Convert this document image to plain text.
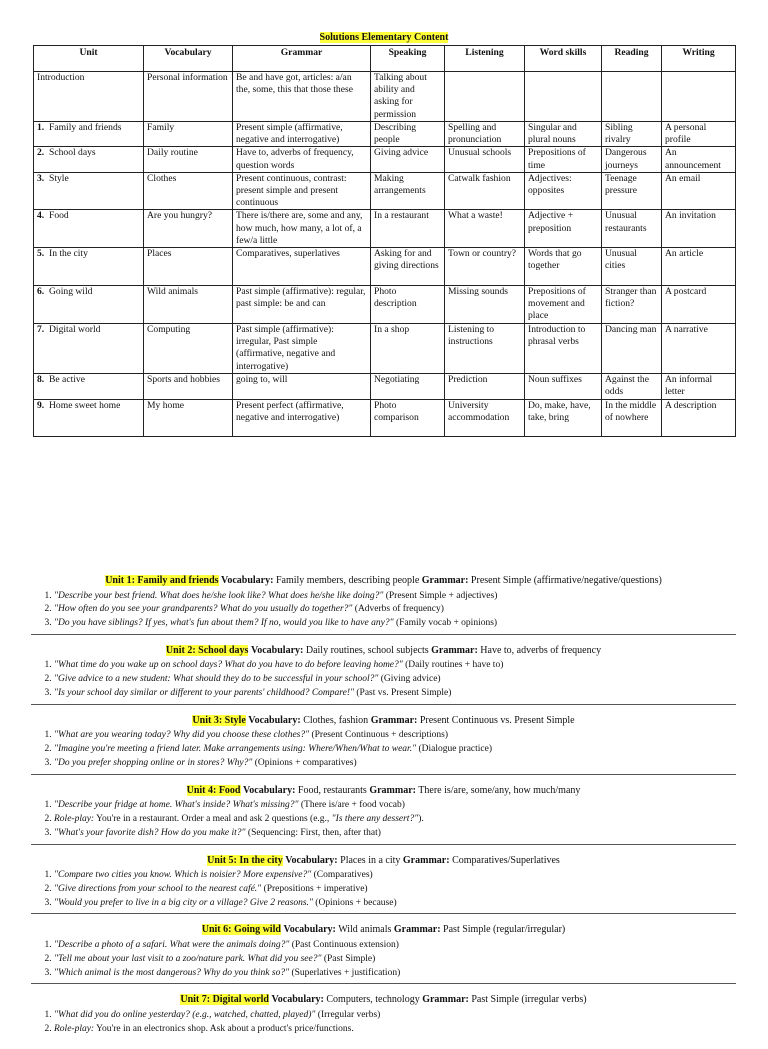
Solutions Elementary Content
Unit	Vocabulary	Grammar	Speaking	Listening	Word skills	Reading	Writing
Introduction	Personal information	Be and have got, articles: a/an the, some, this that those these	Talking about ability and asking for permission				
1. Family and friends	Family	Present simple (affirmative, negative and interrogative)	Describing people	Spelling and pronunciation	Singular and plural nouns	Sibling rivalry	A personal profile
2. School days	Daily routine	Have to, adverbs of frequency, question words	Giving advice	Unusual schools	Prepositions of time	Dangerous journeys	An announcement
3. Style	Clothes	Present continuous, contrast: present simple and present continuous	Making arrangements	Catwalk fashion	Adjectives: opposites	Teenage pressure	An email
4. Food	Are you hungry?	There is/there are, some and any, how much, how many, a lot of, a few/a little	In a restaurant	What a waste!	Adjective + preposition	Unusual restaurants	An invitation
5. In the city	Places	Comparatives, superlatives	Asking for and giving directions	Town or country?	Words that go together	Unusual cities	An article
6. Going wild	Wild animals	Past simple (affirmative): regular, past simple: be and can	Photo description	Missing sounds	Prepositions of movement and place	Stranger than fiction?	A postcard
7. Digital world	Computing	Past simple (affirmative): irregular, Past simple (affirmative, negative and interrogative)	In a shop	Listening to instructions	Introduction to phrasal verbs	Dancing man	A narrative
8. Be active	Sports and hobbies	going to, will	Negotiating	Prediction	Noun suffixes	Against the odds	An informal letter
9. Home sweet home	My home	Present perfect (affirmative, negative and interrogative)	Photo comparison	University accommodation	Do, make, have, take, bring	In the middle of nowhere	A description
Unit 1: Family and friends Vocabulary: Family members, describing people Grammar: Present Simple (affirmative/negative/questions)
1. "Describe your best friend. What does he/she look like? What does he/she like doing?" (Present Simple + adjectives)
2. "How often do you see your grandparents? What do you usually do together?" (Adverbs of frequency)
3. "Do you have siblings? If yes, what's fun about them? If no, would you like to have any?" (Family vocab + opinions)
Unit 2: School days Vocabulary: Daily routines, school subjects Grammar: Have to, adverbs of frequency
1. "What time do you wake up on school days? What do you have to do before leaving home?" (Daily routines + have to)
2. "Give advice to a new student: What should they do to be successful in your school?" (Giving advice)
3. "Is your school day similar or different to your parents' childhood? Compare!" (Past vs. Present Simple)
Unit 3: Style Vocabulary: Clothes, fashion Grammar: Present Continuous vs. Present Simple
1. "What are you wearing today? Why did you choose these clothes?" (Present Continuous + descriptions)
2. "Imagine you're meeting a friend later. Make arrangements using: Where/When/What to wear." (Dialogue practice)
3. "Do you prefer shopping online or in stores? Why?" (Opinions + comparatives)
Unit 4: Food Vocabulary: Food, restaurants Grammar: There is/are, some/any, how much/many
1. "Describe your fridge at home. What's inside? What's missing?" (There is/are + food vocab)
2. Role-play: You're in a restaurant. Order a meal and ask 2 questions (e.g., "Is there any dessert?").
3. "What's your favorite dish? How do you make it?" (Sequencing: First, then, after that)
Unit 5: In the city Vocabulary: Places in a city Grammar: Comparatives/Superlatives
1. "Compare two cities you know. Which is noisier? More expensive?" (Comparatives)
2. "Give directions from your school to the nearest café." (Prepositions + imperative)
3. "Would you prefer to live in a big city or a village? Give 2 reasons." (Opinions + because)
Unit 6: Going wild Vocabulary: Wild animals Grammar: Past Simple (regular/irregular)
1. "Describe a photo of a safari. What were the animals doing?" (Past Continuous extension)
2. "Tell me about your last visit to a zoo/nature park. What did you see?" (Past Simple)
3. "Which animal is the most dangerous? Why do you think so?" (Superlatives + justification)
Unit 7: Digital world Vocabulary: Computers, technology Grammar: Past Simple (irregular verbs)
1. "What did you do online yesterday? (e.g., watched, chatted, played)" (Irregular verbs)
2. Role-play: You're in an electronics shop. Ask about a product's price/functions.
